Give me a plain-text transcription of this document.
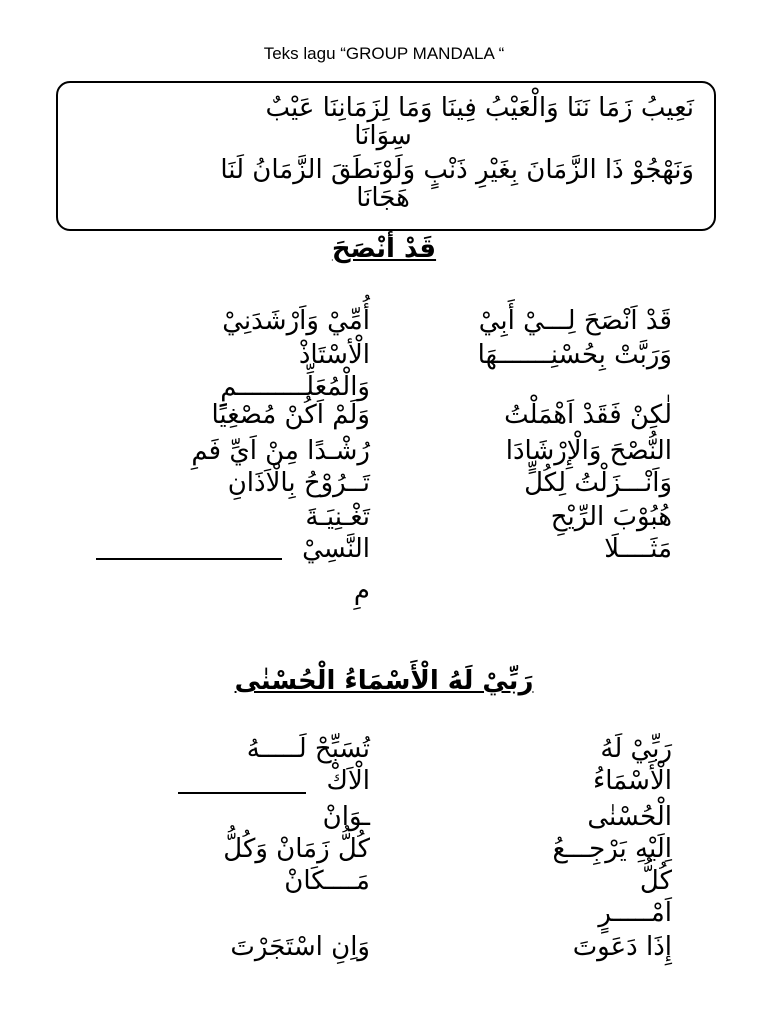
Teks lagu “GROUP MANDALA “
نَعِيبُ زَمَا نَنَا وَالْعَيْبُ فِينَا وَمَا لِزَمَانِنَا عَيْبٌ
سِوَانَا
وَنَهْجُوْ ذَا الزَّمَانَ بِغَيْرِ ذَنْبٍ وَلَوْنَطَقَ الزَّمَانُ لَنَا
هَجَانَا
قَدْ أنْصَحَ
قَدْ اَنْصَحَ لِـــيْ أَبِيْ
أُمِّيْ وَاَرْشَدَنِيْ
وَرَبَّتْ بِحُسْنِـــــــهَا
الْأسْتَاذْ
وَالْمُعَلِّـــــــــمِ
لٰكِنْ فَقَدْ اَهْمَلْتُ
وَلَمْ اَكُنْ مُصْغِيًا
النُّصْحَ وَالْإِرْشَادَا
رُشْـدًا مِنْ اَيِّ فَمِ
وَاَنْـــزَلْتُ لِكُلٍّ
تَــرُوْحُ بِالْاَذَانِ
هُبُوْبَ الرِّيْحِ
تَغْـنِيَـةَ
مَثَــــلَا
النَّسِيْ
مِ
رَبِّيْ لَهُ الْأَسْمَاءُ الْحُسْنٰى
رَبِّيْ لَهُ
تُسَبِّحْ لَـــــهُ
الْأَسْمَاءُ
الْاَكْ
الْحُسْنٰى
ـوَانْ
اِلَيْهِ يَرْجِـــعُ
كُلُّ زَمَانْ وَكُلُّ
كُلُّ
مَــــكَانْ
اَمْـــــرٍ
إِذَا دَعَوتَ
وَاِنِ اسْتَجَرْتَ
